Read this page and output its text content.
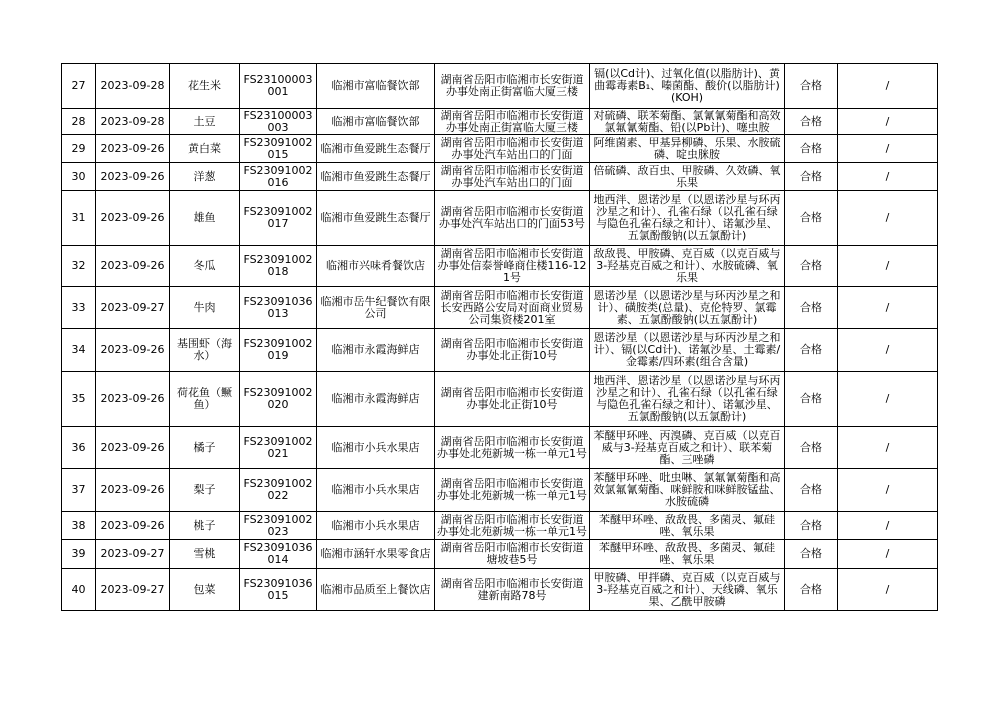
27	2023-09-28	花生米	FS23100003001	临湘市富临餐饮部	湖南省岳阳市临湘市长安街道办事处南正街富临大厦三楼	镉(以Cd计)、过氧化值(以脂肪计)、黄曲霉毒素B₁、嗪菌酯、酸价(以脂肪计)(KOH)	合格	/
28	2023-09-28	土豆	FS23100003003	临湘市富临餐饮部	湖南省岳阳市临湘市长安街道办事处南正街富临大厦三楼	对硫磷、联苯菊酯、氯氰氰菊酯和高效氯氟氰菊酯、铅(以Pb计)、噻虫胺	合格	/
29	2023-09-26	黄白菜	FS23091002015	临湘市鱼爱跳生态餐厅	湖南省岳阳市临湘市长安街道办事处汽车站出口的门面	阿维菌素、甲基异柳磷、乐果、水胺硫磷、啶虫脒胺	合格	/
30	2023-09-26	洋葱	FS23091002016	临湘市鱼爱跳生态餐厅	湖南省岳阳市临湘市长安街道办事处汽车站出口的门面	倍硫磷、敌百虫、甲胺磷、久效磷、氧乐果	合格	/
31	2023-09-26	雄鱼	FS23091002017	临湘市鱼爱跳生态餐厅	湖南省岳阳市临湘市长安街道办事处汽车站出口的门面53号	地西泮、恩诺沙星（以恩诺沙星与环丙沙星之和计）、孔雀石绿（以孔雀石绿与隐色孔雀石绿之和计）、诺氟沙星、五氯酚酸钠(以五氯酚计)	合格	/
32	2023-09-26	冬瓜	FS23091002018	临湘市兴味肴餐饮店	湖南省岳阳市临湘市长安街道办事处信泰誉峰商住楼116-121号	敌敌畏、甲胺磷、克百威（以克百威与3-羟基克百威之和计）、水胺硫磷、氧乐果	合格	/
33	2023-09-27	牛肉	FS23091036013	临湘市岳牛纪餐饮有限公司	湖南省岳阳市临湘市长安街道长安西路公安局对面商业贸易公司集资楼201室	恩诺沙星（以恩诺沙星与环丙沙星之和计）、磺胺类(总量)、克伦特罗、氯霉素、五氯酚酸钠(以五氯酚计)	合格	/
34	2023-09-26	基围虾（海水）	FS23091002019	临湘市永霞海鲜店	湖南省岳阳市临湘市长安街道办事处北正街10号	恩诺沙星（以恩诺沙星与环丙沙星之和计）、镉(以Cd计)、诺氟沙星、土霉素/金霉素/四环素(组合含量)	合格	/
35	2023-09-26	荷花鱼（鳜鱼）	FS23091002020	临湘市永霞海鲜店	湖南省岳阳市临湘市长安街道办事处北正街10号	地西泮、恩诺沙星（以恩诺沙星与环丙沙星之和计）、孔雀石绿（以孔雀石绿与隐色孔雀石绿之和计）、诺氟沙星、五氯酚酸钠(以五氯酚计)	合格	/
36	2023-09-26	橘子	FS23091002021	临湘市小兵水果店	湖南省岳阳市临湘市长安街道办事处北苑新城一栋一单元1号	苯醚甲环唑、丙溴磷、克百威（以克百威与3-羟基克百威之和计）、联苯菊酯、三唑磷	合格	/
37	2023-09-26	梨子	FS23091002022	临湘市小兵水果店	湖南省岳阳市临湘市长安街道办事处北苑新城一栋一单元1号	苯醚甲环唑、吡虫啉、氯氟氰菊酯和高效氯氟氰菊酯、咪鲜胺和咪鲜胺锰盐、水胺硫磷	合格	/
38	2023-09-26	桃子	FS23091002023	临湘市小兵水果店	湖南省岳阳市临湘市长安街道办事处北苑新城一栋一单元1号	苯醚甲环唑、敌敌畏、多菌灵、氟硅唑、氧乐果	合格	/
39	2023-09-27	雪桃	FS23091036014	临湘市涵轩水果零食店	湖南省岳阳市临湘市长安街道塘坡巷5号	苯醚甲环唑、敌敌畏、多菌灵、氟硅唑、氧乐果	合格	/
40	2023-09-27	包菜	FS23091036015	临湘市品质至上餐饮店	湖南省岳阳市临湘市长安街道建新南路78号	甲胺磷、甲拌磷、克百威（以克百威与3-羟基克百威之和计）、天线磷、氧乐果、乙酰甲胺磷	合格	/
